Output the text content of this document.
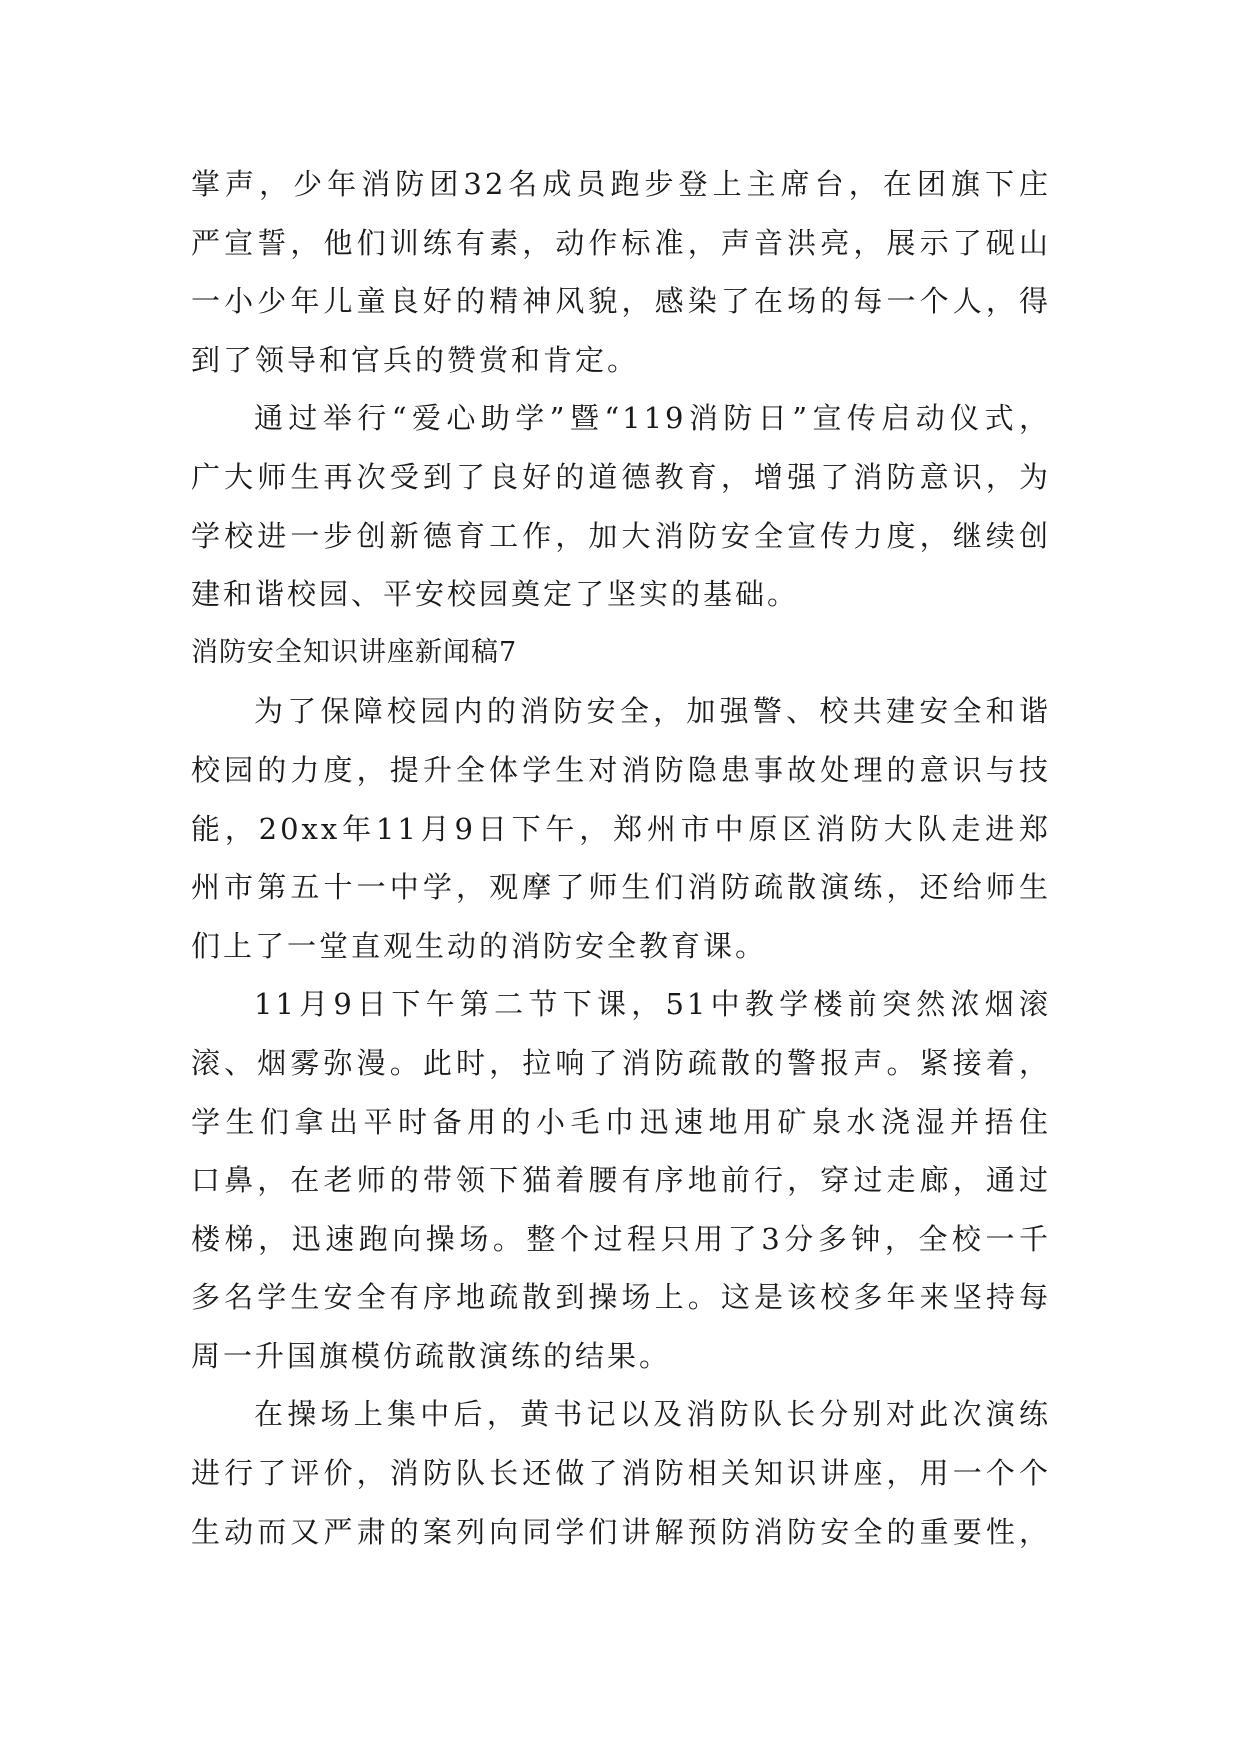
掌声，少年消防团32名成员跑步登上主席台，在团旗下庄
严宣誓，他们训练有素，动作标准，声音洪亮，展示了砚山
一小少年儿童良好的精神风貌，感染了在场的每一个人，得
到了领导和官兵的赞赏和肯定。
通过举行“爱心助学”暨“119消防日”宣传启动仪式，
广大师生再次受到了良好的道德教育，增强了消防意识，为
学校进一步创新德育工作，加大消防安全宣传力度，继续创
建和谐校园、平安校园奠定了坚实的基础。
消防安全知识讲座新闻稿7
为了保障校园内的消防安全，加强警、校共建安全和谐
校园的力度，提升全体学生对消防隐患事故处理的意识与技
能，20xx年11月9日下午，郑州市中原区消防大队走进郑
州市第五十一中学，观摩了师生们消防疏散演练，还给师生
们上了一堂直观生动的消防安全教育课。
11月9日下午第二节下课，51中教学楼前突然浓烟滚
滚、烟雾弥漫。此时，拉响了消防疏散的警报声。紧接着，
学生们拿出平时备用的小毛巾迅速地用矿泉水浇湿并捂住
口鼻，在老师的带领下猫着腰有序地前行，穿过走廊，通过
楼梯，迅速跑向操场。整个过程只用了3分多钟，全校一千
多名学生安全有序地疏散到操场上。这是该校多年来坚持每
周一升国旗模仿疏散演练的结果。
在操场上集中后，黄书记以及消防队长分别对此次演练
进行了评价，消防队长还做了消防相关知识讲座，用一个个
生动而又严肃的案列向同学们讲解预防消防安全的重要性，
